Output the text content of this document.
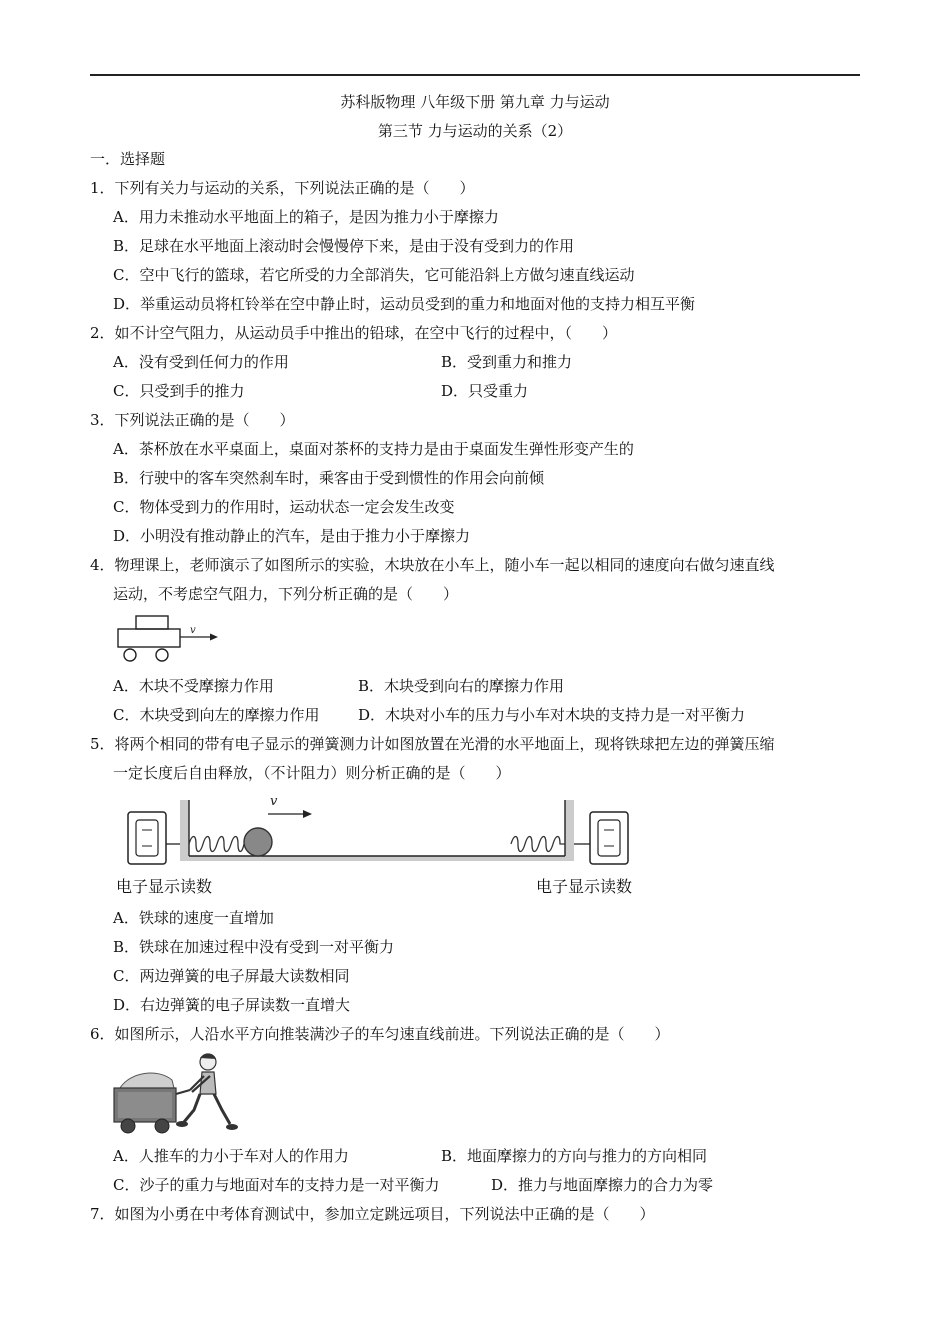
苏科版物理 八年级下册 第九章 力与运动
第三节 力与运动的关系（2）
一．选择题
1．下列有关力与运动的关系，下列说法正确的是（　　）
A．用力未推动水平地面上的箱子，是因为推力小于摩擦力
B．足球在水平地面上滚动时会慢慢停下来，是由于没有受到力的作用
C．空中飞行的篮球，若它所受的力全部消失，它可能沿斜上方做匀速直线运动
D．举重运动员将杠铃举在空中静止时，运动员受到的重力和地面对他的支持力相互平衡
2．如不计空气阻力，从运动员手中推出的铅球，在空中飞行的过程中，（　　）
A．没有受到任何力的作用	B．受到重力和推力
C．只受到手的推力	D．只受重力
3．下列说法正确的是（　　）
A．茶杯放在水平桌面上，桌面对茶杯的支持力是由于桌面发生弹性形变产生的
B．行驶中的客车突然刹车时，乘客由于受到惯性的作用会向前倾
C．物体受到力的作用时，运动状态一定会发生改变
D．小明没有推动静止的汽车，是由于推力小于摩擦力
4．物理课上，老师演示了如图所示的实验，木块放在小车上，随小车一起以相同的速度向右做匀速直线
运动，不考虑空气阻力，下列分析正确的是（　　）
v
A．木块不受摩擦力作用	B．木块受到向右的摩擦力作用
C．木块受到向左的摩擦力作用	D．木块对小车的压力与小车对木块的支持力是一对平衡力
5．将两个相同的带有电子显示的弹簧测力计如图放置在光滑的水平地面上，现将铁球把左边的弹簧压缩
一定长度后自由释放，（不计阻力）则分析正确的是（　　）
v
电子显示读数	电子显示读数
A．铁球的速度一直增加
B．铁球在加速过程中没有受到一对平衡力
C．两边弹簧的电子屏最大读数相同
D．右边弹簧的电子屏读数一直增大
6．如图所示，人沿水平方向推装满沙子的车匀速直线前进。下列说法正确的是（　　）
A．人推车的力小于车对人的作用力	B．地面摩擦力的方向与推力的方向相同
C．沙子的重力与地面对车的支持力是一对平衡力	D．推力与地面摩擦力的合力为零
7．如图为小勇在中考体育测试中，参加立定跳远项目，下列说法中正确的是（　　）
